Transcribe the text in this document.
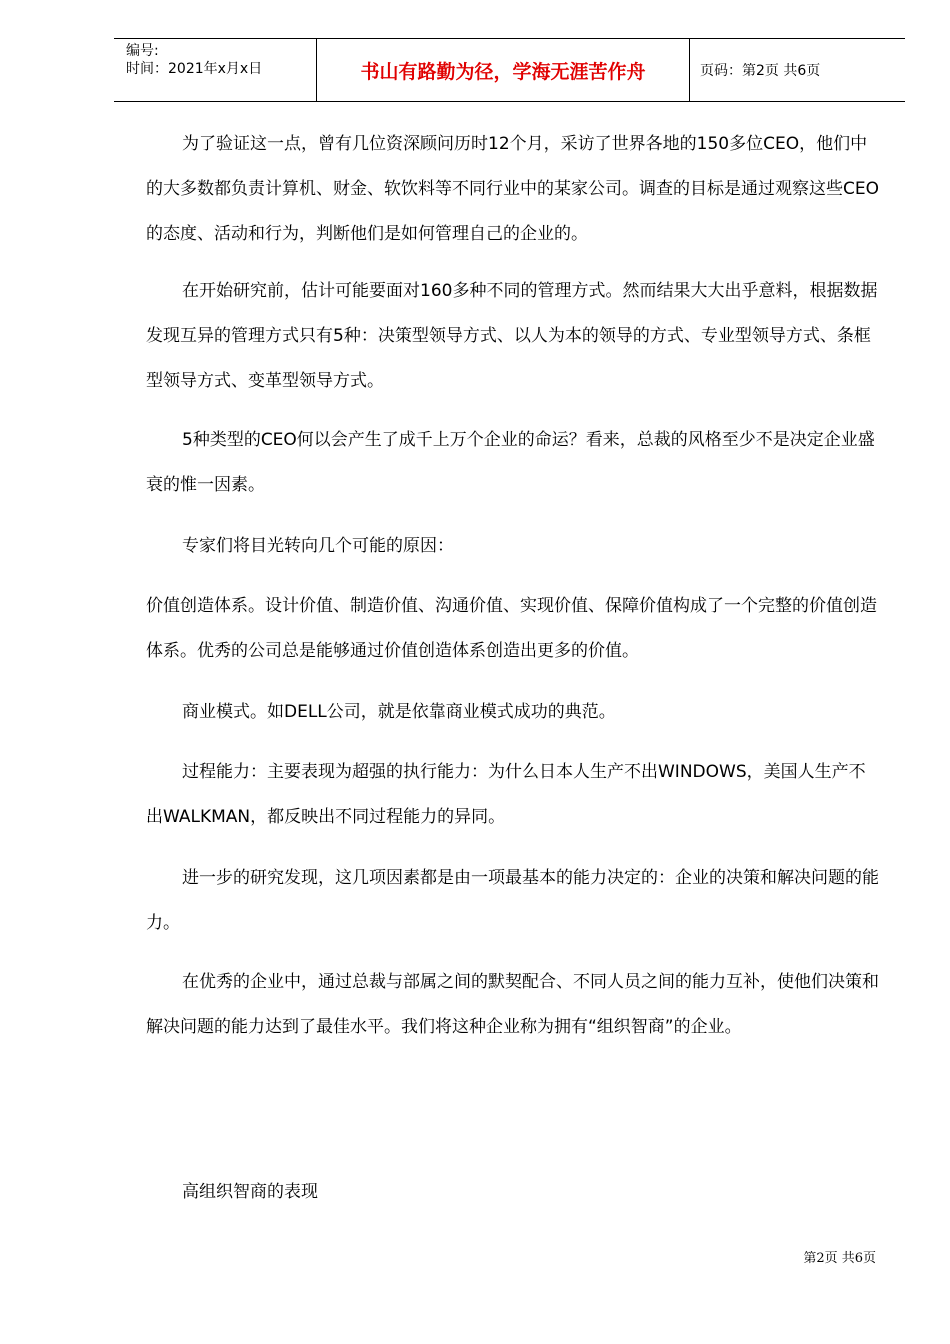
编号:
时间：2021年x月x日	书山有路勤为径，学海无涯苦作舟	页码：第2页 共6页

为了验证这一点，曾有几位资深顾问历时12个月，采访了世界各地的150多位CEO，他们中的大多数都负责计算机、财金、软饮料等不同行业中的某家公司。调查的目标是通过观察这些CEO的态度、活动和行为，判断他们是如何管理自己的企业的。

在开始研究前，估计可能要面对160多种不同的管理方式。然而结果大大出乎意料，根据数据发现互异的管理方式只有5种：决策型领导方式、以人为本的领导的方式、专业型领导方式、条框型领导方式、变革型领导方式。

5种类型的CEO何以会产生了成千上万个企业的命运？看来，总裁的风格至少不是决定企业盛衰的惟一因素。

专家们将目光转向几个可能的原因：

价值创造体系。设计价值、制造价值、沟通价值、实现价值、保障价值构成了一个完整的价值创造体系。优秀的公司总是能够通过价值创造体系创造出更多的价值。

商业模式。如DELL公司，就是依靠商业模式成功的典范。

过程能力：主要表现为超强的执行能力：为什么日本人生产不出WINDOWS，美国人生产不出WALKMAN，都反映出不同过程能力的异同。

进一步的研究发现，这几项因素都是由一项最基本的能力决定的：企业的决策和解决问题的能力。

在优秀的企业中，通过总裁与部属之间的默契配合、不同人员之间的能力互补，使他们决策和解决问题的能力达到了最佳水平。我们将这种企业称为拥有“组织智商”的企业。

高组织智商的表现

第2页 共6页
